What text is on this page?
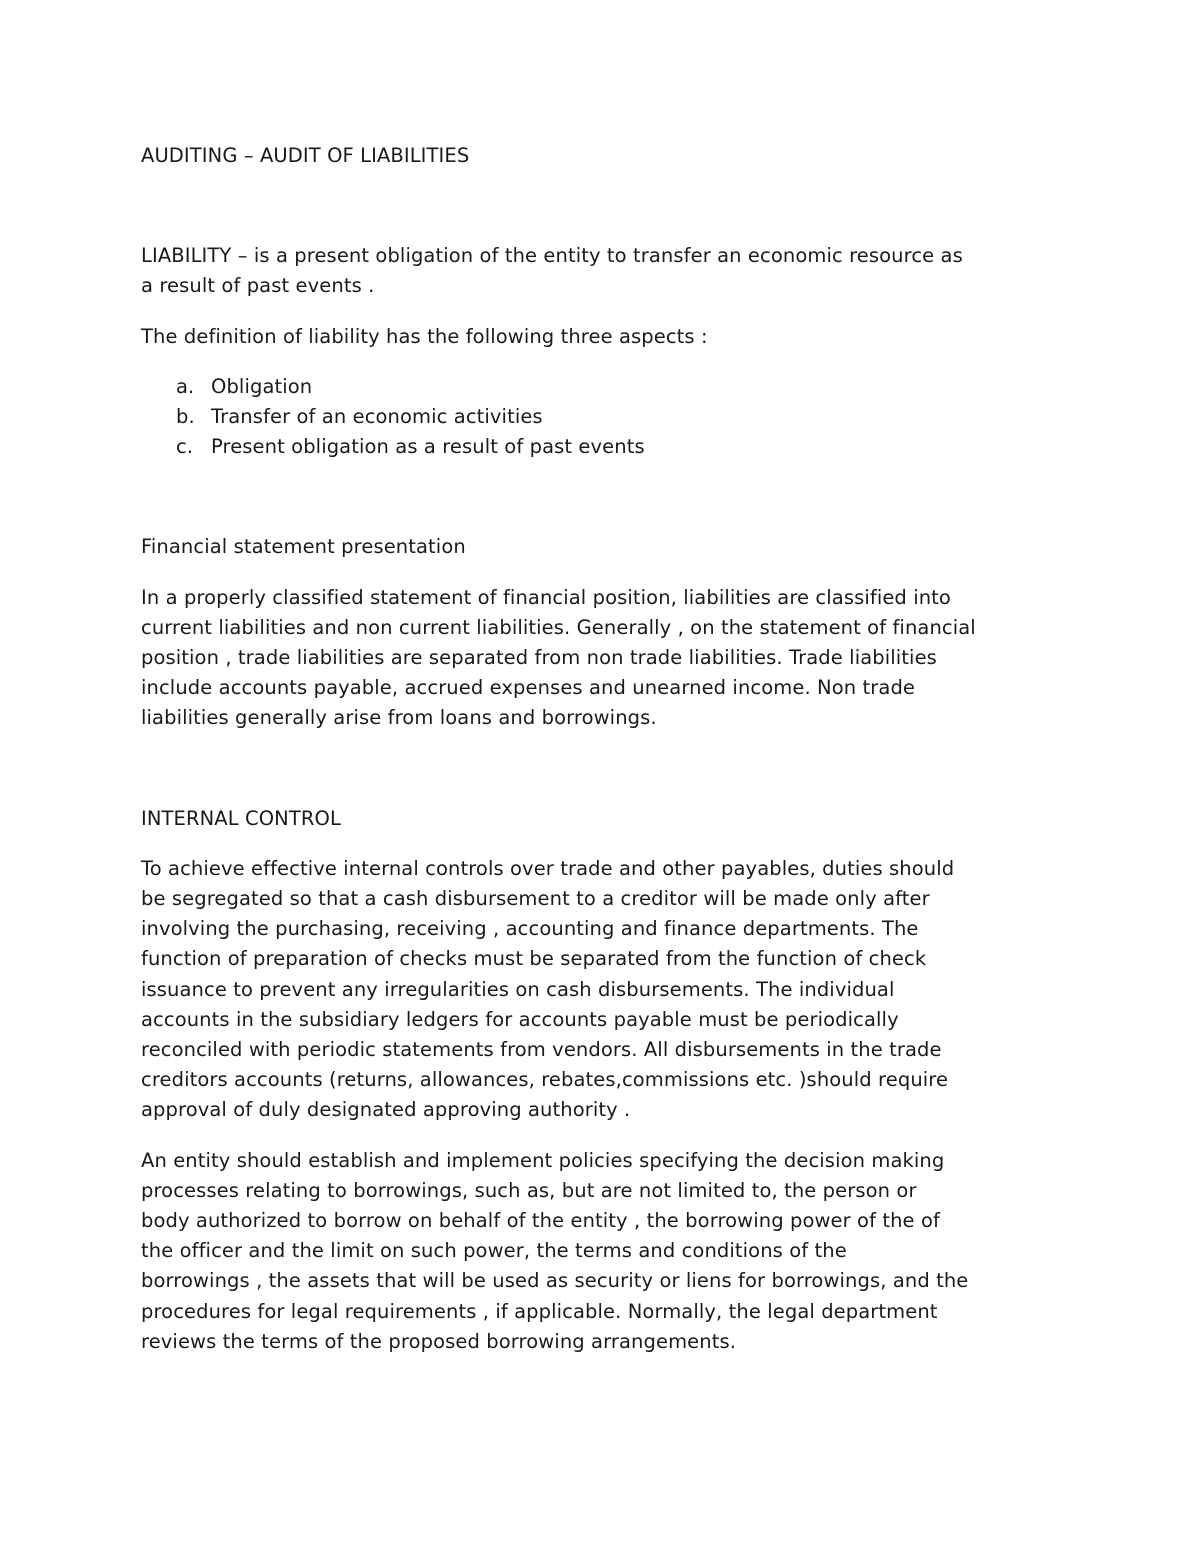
AUDITING – AUDIT OF LIABILITIES
LIABILITY – is a present obligation of the entity to transfer an economic resource as
a result of past events .
The definition of liability has the following three aspects :
a. Obligation
b. Transfer of an economic activities
c. Present obligation as a result of past events
Financial statement presentation
In a properly classified statement of financial position, liabilities are classified into
current liabilities and non current liabilities. Generally , on the statement of financial
position , trade liabilities are separated from non trade liabilities. Trade liabilities
include accounts payable, accrued expenses and unearned income. Non trade
liabilities generally arise from loans and borrowings.
INTERNAL CONTROL
To achieve effective internal controls over trade and other payables, duties should
be segregated so that a cash disbursement to a creditor will be made only after
involving the purchasing, receiving , accounting and finance departments. The
function of preparation of checks must be separated from the function of check
issuance to prevent any irregularities on cash disbursements. The individual
accounts in the subsidiary ledgers for accounts payable must be periodically
reconciled with periodic statements from vendors. All disbursements in the trade
creditors accounts (returns, allowances, rebates,commissions etc. )should require
approval of duly designated approving authority .
An entity should establish and implement policies specifying the decision making
processes relating to borrowings, such as, but are not limited to, the person or
body authorized to borrow on behalf of the entity , the borrowing power of the of
the officer and the limit on such power, the terms and conditions of the
borrowings , the assets that will be used as security or liens for borrowings, and the
procedures for legal requirements , if applicable. Normally, the legal department
reviews the terms of the proposed borrowing arrangements.
